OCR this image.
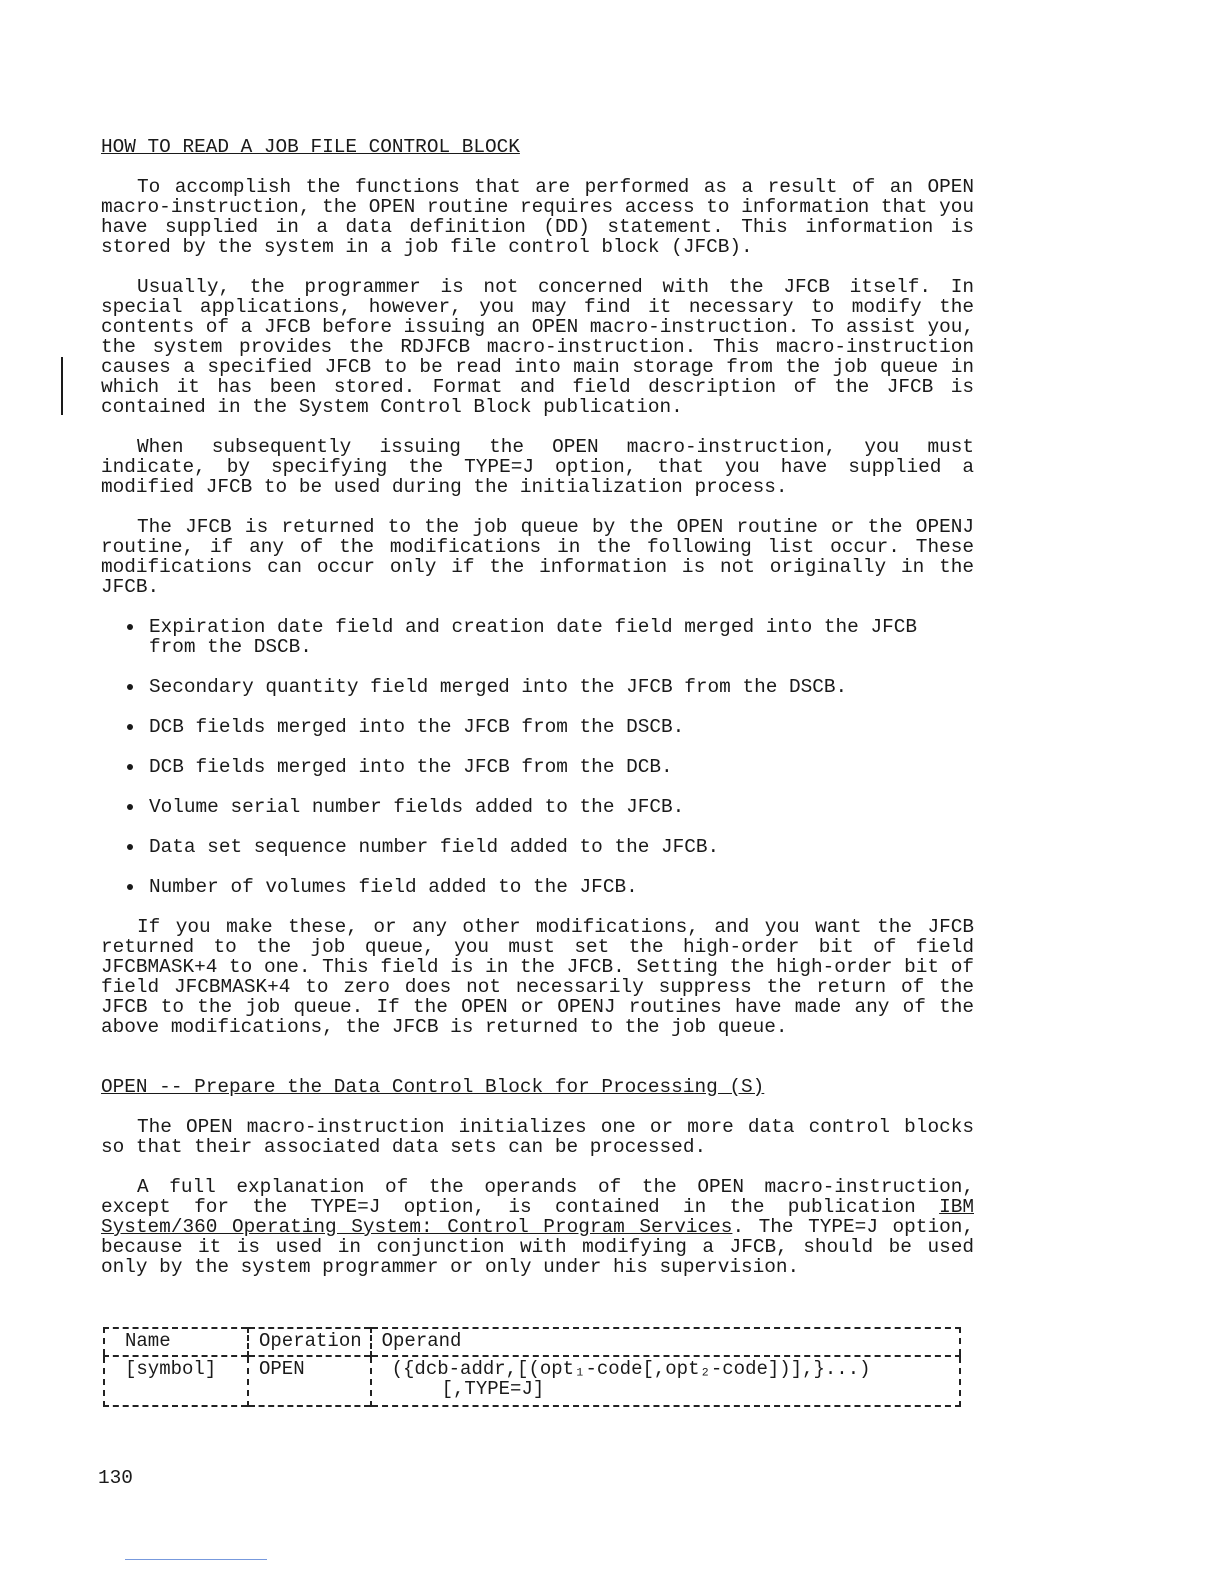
HOW TO READ A JOB FILE CONTROL BLOCK

To accomplish the functions that are performed as a result of an OPEN macro-instruction, the OPEN routine requires access to information that you have supplied in a data definition (DD) statement. This information is stored by the system in a job file control block (JFCB).

Usually, the programmer is not concerned with the JFCB itself. In special applications, however, you may find it necessary to modify the contents of a JFCB before issuing an OPEN macro-instruction. To assist you, the system provides the RDJFCB macro-instruction. This macro-instruction causes a specified JFCB to be read into main storage from the job queue in which it has been stored. Format and field description of the JFCB is contained in the System Control Block publication.

When subsequently issuing the OPEN macro-instruction, you must indicate, by specifying the TYPE=J option, that you have supplied a modified JFCB to be used during the initialization process.

The JFCB is returned to the job queue by the OPEN routine or the OPENJ routine, if any of the modifications in the following list occur. These modifications can occur only if the information is not originally in the JFCB.

Expiration date field and creation date field merged into the JFCB from the DSCB.
Secondary quantity field merged into the JFCB from the DSCB.
DCB fields merged into the JFCB from the DSCB.
DCB fields merged into the JFCB from the DCB.
Volume serial number fields added to the JFCB.
Data set sequence number field added to the JFCB.
Number of volumes field added to the JFCB.

If you make these, or any other modifications, and you want the JFCB returned to the job queue, you must set the high-order bit of field JFCBMASK+4 to one. This field is in the JFCB. Setting the high-order bit of field JFCBMASK+4 to zero does not necessarily suppress the return of the JFCB to the job queue. If the OPEN or OPENJ routines have made any of the above modifications, the JFCB is returned to the job queue.

OPEN -- Prepare the Data Control Block for Processing (S)

The OPEN macro-instruction initializes one or more data control blocks so that their associated data sets can be processed.

A full explanation of the operands of the OPEN macro-instruction, except for the TYPE=J option, is contained in the publication IBM System/360 Operating System: Control Program Services. The TYPE=J option, because it is used in conjunction with modifying a JFCB, should be used only by the system programmer or only under his supervision.

Name	Operation	Operand
[symbol]	OPEN	({dcb-addr,[(opt₁-code[,opt₂-code])],}...)
[,TYPE=J]
130
